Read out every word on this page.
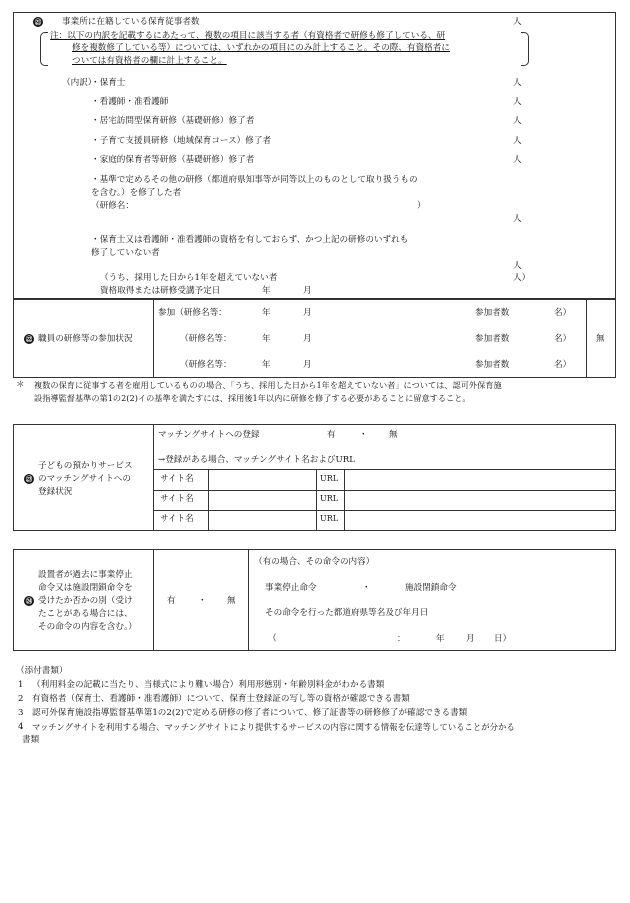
㉑ 事業所に在籍している保育従事者数	人
注：以下の内訳を記載するにあたって、複数の項目に該当する者（有資格者で研修も修了している、研
修を複数修了している等）については、いずれかの項目にのみ計上すること。その際、有資格者に
ついては有資格者の欄に計上すること。
（内訳）
・保育士	人
・看護師・准看護師	人
・居宅訪問型保育研修（基礎研修）修了者	人
・子育て支援員研修（地域保育コース）修了者	人
・家庭的保育者等研修（基礎研修）修了者	人
・基準で定めるその他の研修（都道府県知事等が同等以上のものとして取り扱うもの
を含む。）を修了した者
（研修名：	）
人
・保育士又は看護師・准看護師の資格を有しておらず、かつ上記の研修のいずれも
修了していない者
人
（うち、採用した日から1年を超えていない者	人）
資格取得または研修受講予定日	年	月
㉒ 職員の研修等の参加状況
参加（研修名等：	年	月	参加者数	名）
（研修名等：	年	月	参加者数	名）
（研修名等：	年	月	参加者数	名）
無
＊ 複数の保育に従事する者を雇用しているものの場合、「うち、採用した日から1年を超えていない者」については、認可外保育施
設指導監督基準の第1の2(2)イの基準を満たすには、採用後1年以内に研修を修了する必要があることに留意すること。
㉓
子どもの預かりサービス
のマッチングサイトへの
登録状況
マッチングサイトへの登録	有	・ 無
→登録がある場合、マッチングサイト名およびURL
サイト名	URL
サイト名	URL
サイト名	URL
㉔
設置者が過去に事業停止
命令又は施設閉鎖命令を
受けたか否かの別（受け
たことがある場合には、
その命令の内容を含む。）
有	・ 無
（有の場合、その命令の内容）
事業停止命令	・	施設閉鎖命令
その命令を行った都道府県等名及び年月日
（	：	年 月 日）
（添付書類）
1 （利用料金の記載に当たり、当様式により難い場合）利用形態別・年齢別料金がわかる書類
2 有資格者（保育士、看護師・准看護師）について、保育士登録証の写し等の資格が確認できる書類
3 認可外保育施設指導監督基準第1の2(2)で定める研修の修了者について、修了証書等の研修修了が確認できる書類
4 マッチングサイトを利用する場合、マッチングサイトにより提供するサービスの内容に関する情報を伝達等していることが分かる
書類
